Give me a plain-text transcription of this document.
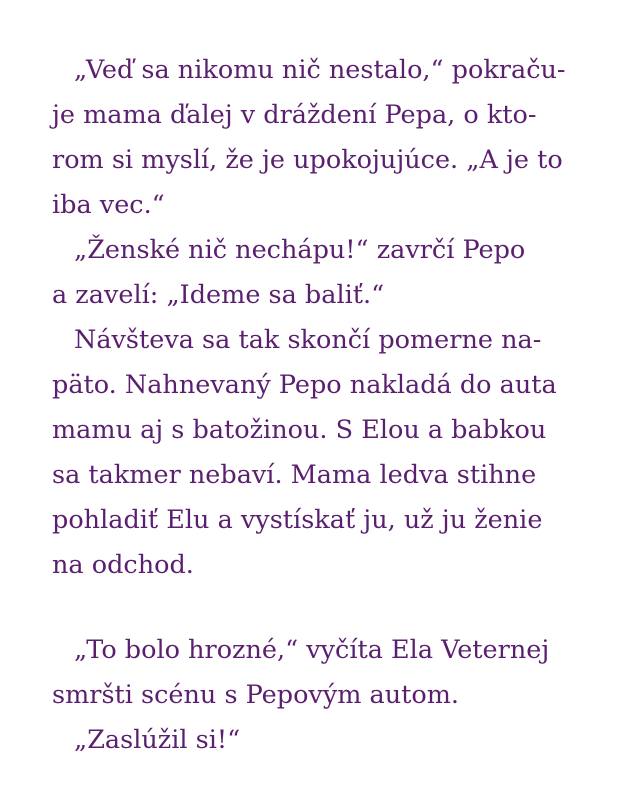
„Veď sa nikomu nič nestalo,“ pokraču-
je mama ďalej v dráždení Pepa, o kto-
rom si myslí, že je upokojujúce. „A je to
iba vec.“
„Ženské nič nechápu!“ zavrčí Pepo
a zavelí: „Ideme sa baliť.“
Návšteva sa tak skončí pomerne na-
päto. Nahnevaný Pepo nakladá do auta
mamu aj s batožinou. S Elou a babkou
sa takmer nebaví. Mama ledva stihne
pohladiť Elu a vystískať ju, už ju ženie
na odchod.
„To bolo hrozné,“ vyčíta Ela Veternej
smršti scénu s Pepovým autom.
„Zaslúžil si!“
